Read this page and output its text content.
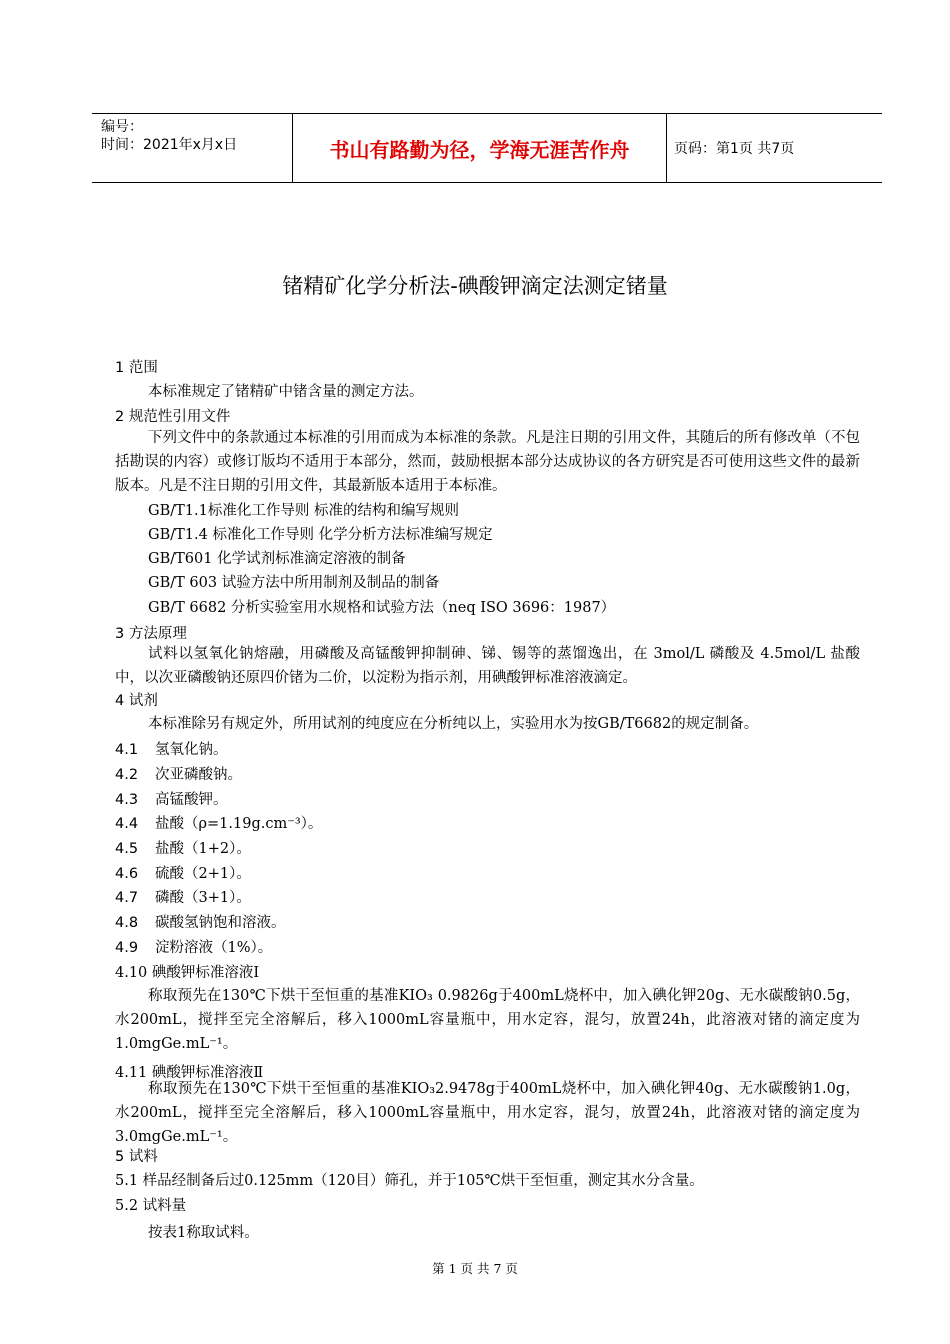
编号：
时间：2021年x月x日	书山有路勤为径，学海无涯苦作舟	页码：第1页 共7页
锗精矿化学分析法-碘酸钾滴定法测定锗量
1 范围
本标准规定了锗精矿中锗含量的测定方法。
2 规范性引用文件
下列文件中的条款通过本标准的引用而成为本标准的条款。凡是注日期的引用文件，其随后的所有修改单（不包括勘误的内容）或修订版均不适用于本部分，然而，鼓励根据本部分达成协议的各方研究是否可使用这些文件的最新版本。凡是不注日期的引用文件，其最新版本适用于本标准。
GB/T1.1标准化工作导则 标准的结构和编写规则
GB/T1.4 标准化工作导则 化学分析方法标准编写规定
GB/T601 化学试剂标准滴定溶液的制备
GB/T 603 试验方法中所用制剂及制品的制备
GB/T 6682 分析实验室用水规格和试验方法（neq ISO 3696：1987）
3 方法原理
试料以氢氧化钠熔融，用磷酸及高锰酸钾抑制砷、锑、锡等的蒸馏逸出，在 3mol/L 磷酸及 4.5mol/L 盐酸中，以次亚磷酸钠还原四价锗为二价，以淀粉为指示剂，用碘酸钾标准溶液滴定。
4 试剂
本标准除另有规定外，所用试剂的纯度应在分析纯以上，实验用水为按GB/T6682的规定制备。
4.1 氢氧化钠。
4.2 次亚磷酸钠。
4.3 高锰酸钾。
4.4 盐酸（ρ=1.19g.cm⁻³）。
4.5 盐酸（1+2）。
4.6 硫酸（2+1）。
4.7 磷酸（3+1）。
4.8 碳酸氢钠饱和溶液。
4.9 淀粉溶液（1%）。
4.10 碘酸钾标准溶液Ⅰ
称取预先在130℃下烘干至恒重的基准KIO₃ 0.9826g于400mL烧杯中，加入碘化钾20g、无水碳酸钠0.5g，水200mL，搅拌至完全溶解后，移入1000mL容量瓶中，用水定容，混匀，放置24h，此溶液对锗的滴定度为1.0mgGe.mL⁻¹。
4.11 碘酸钾标准溶液Ⅱ
称取预先在130℃下烘干至恒重的基准KIO₃2.9478g于400mL烧杯中，加入碘化钾40g、无水碳酸钠1.0g，水200mL，搅拌至完全溶解后，移入1000mL容量瓶中，用水定容，混匀，放置24h，此溶液对锗的滴定度为3.0mgGe.mL⁻¹。
5 试料
5.1 样品经制备后过0.125mm（120目）筛孔，并于105℃烘干至恒重，测定其水分含量。
5.2 试料量
按表1称取试料。
第 1 页 共 7 页
